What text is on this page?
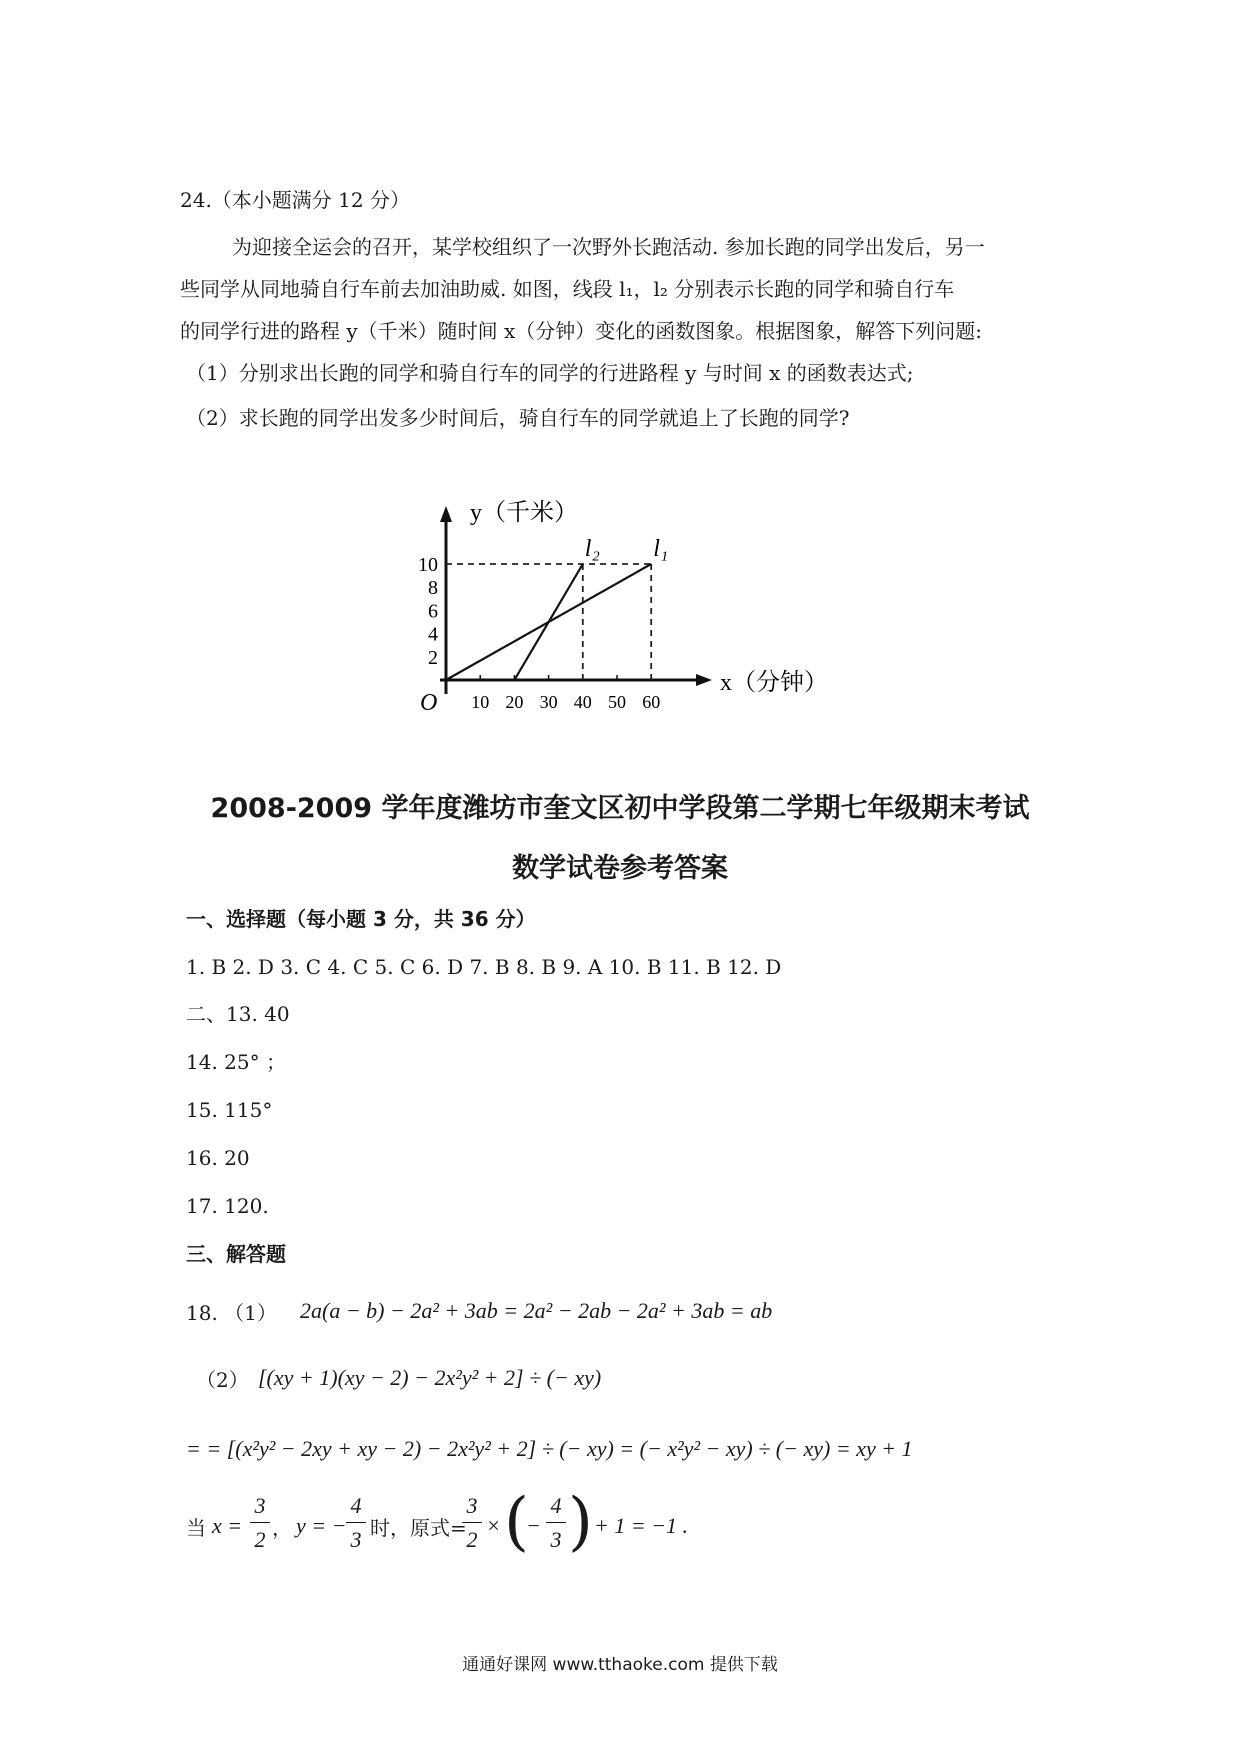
24.（本小题满分 12 分）
为迎接全运会的召开，某学校组织了一次野外长跑活动. 参加长跑的同学出发后，另一
些同学从同地骑自行车前去加油助威. 如图，线段 l₁，l₂ 分别表示长跑的同学和骑自行车
的同学行进的路程 y（千米）随时间 x（分钟）变化的函数图象。根据图象，解答下列问题:
（1）分别求出长跑的同学和骑自行车的同学的行进路程 y 与时间 x 的函数表达式;
（2）求长跑的同学出发多少时间后，骑自行车的同学就追上了长跑的同学?
y（千米）
x（分钟）
O 10 20 30 40 50 60
2
4
6
8
10
l₁
l₂
2008-2009 学年度潍坊市奎文区初中学段第二学期七年级期末考试
数学试卷参考答案
一、选择题（每小题 3 分，共 36 分）
1. B 2. D 3. C 4. C 5. C 6. D 7. B 8. B 9. A 10. B 11. B 12. D
二、13. 40
14. 25° ；
15. 115°
16. 20
17. 120.
三、解答题
18. （1） 2a(a − b) − 2a² + 3ab = 2a² − 2ab − 2a² + 3ab = ab
（2） [(xy + 1)(xy − 2) − 2x²y² + 2] ÷ (− xy)
= = [(x²y² − 2xy + xy − 2) − 2x²y² + 2] ÷ (− xy) = (− x²y² − xy) ÷ (− xy) = xy + 1
当 x =
3
2 ， y = −
4
3 时，原式=
3
2
× (
−
4
3 ) + 1 = −1 .
通通好课网 www.tthaoke.com 提供下载
